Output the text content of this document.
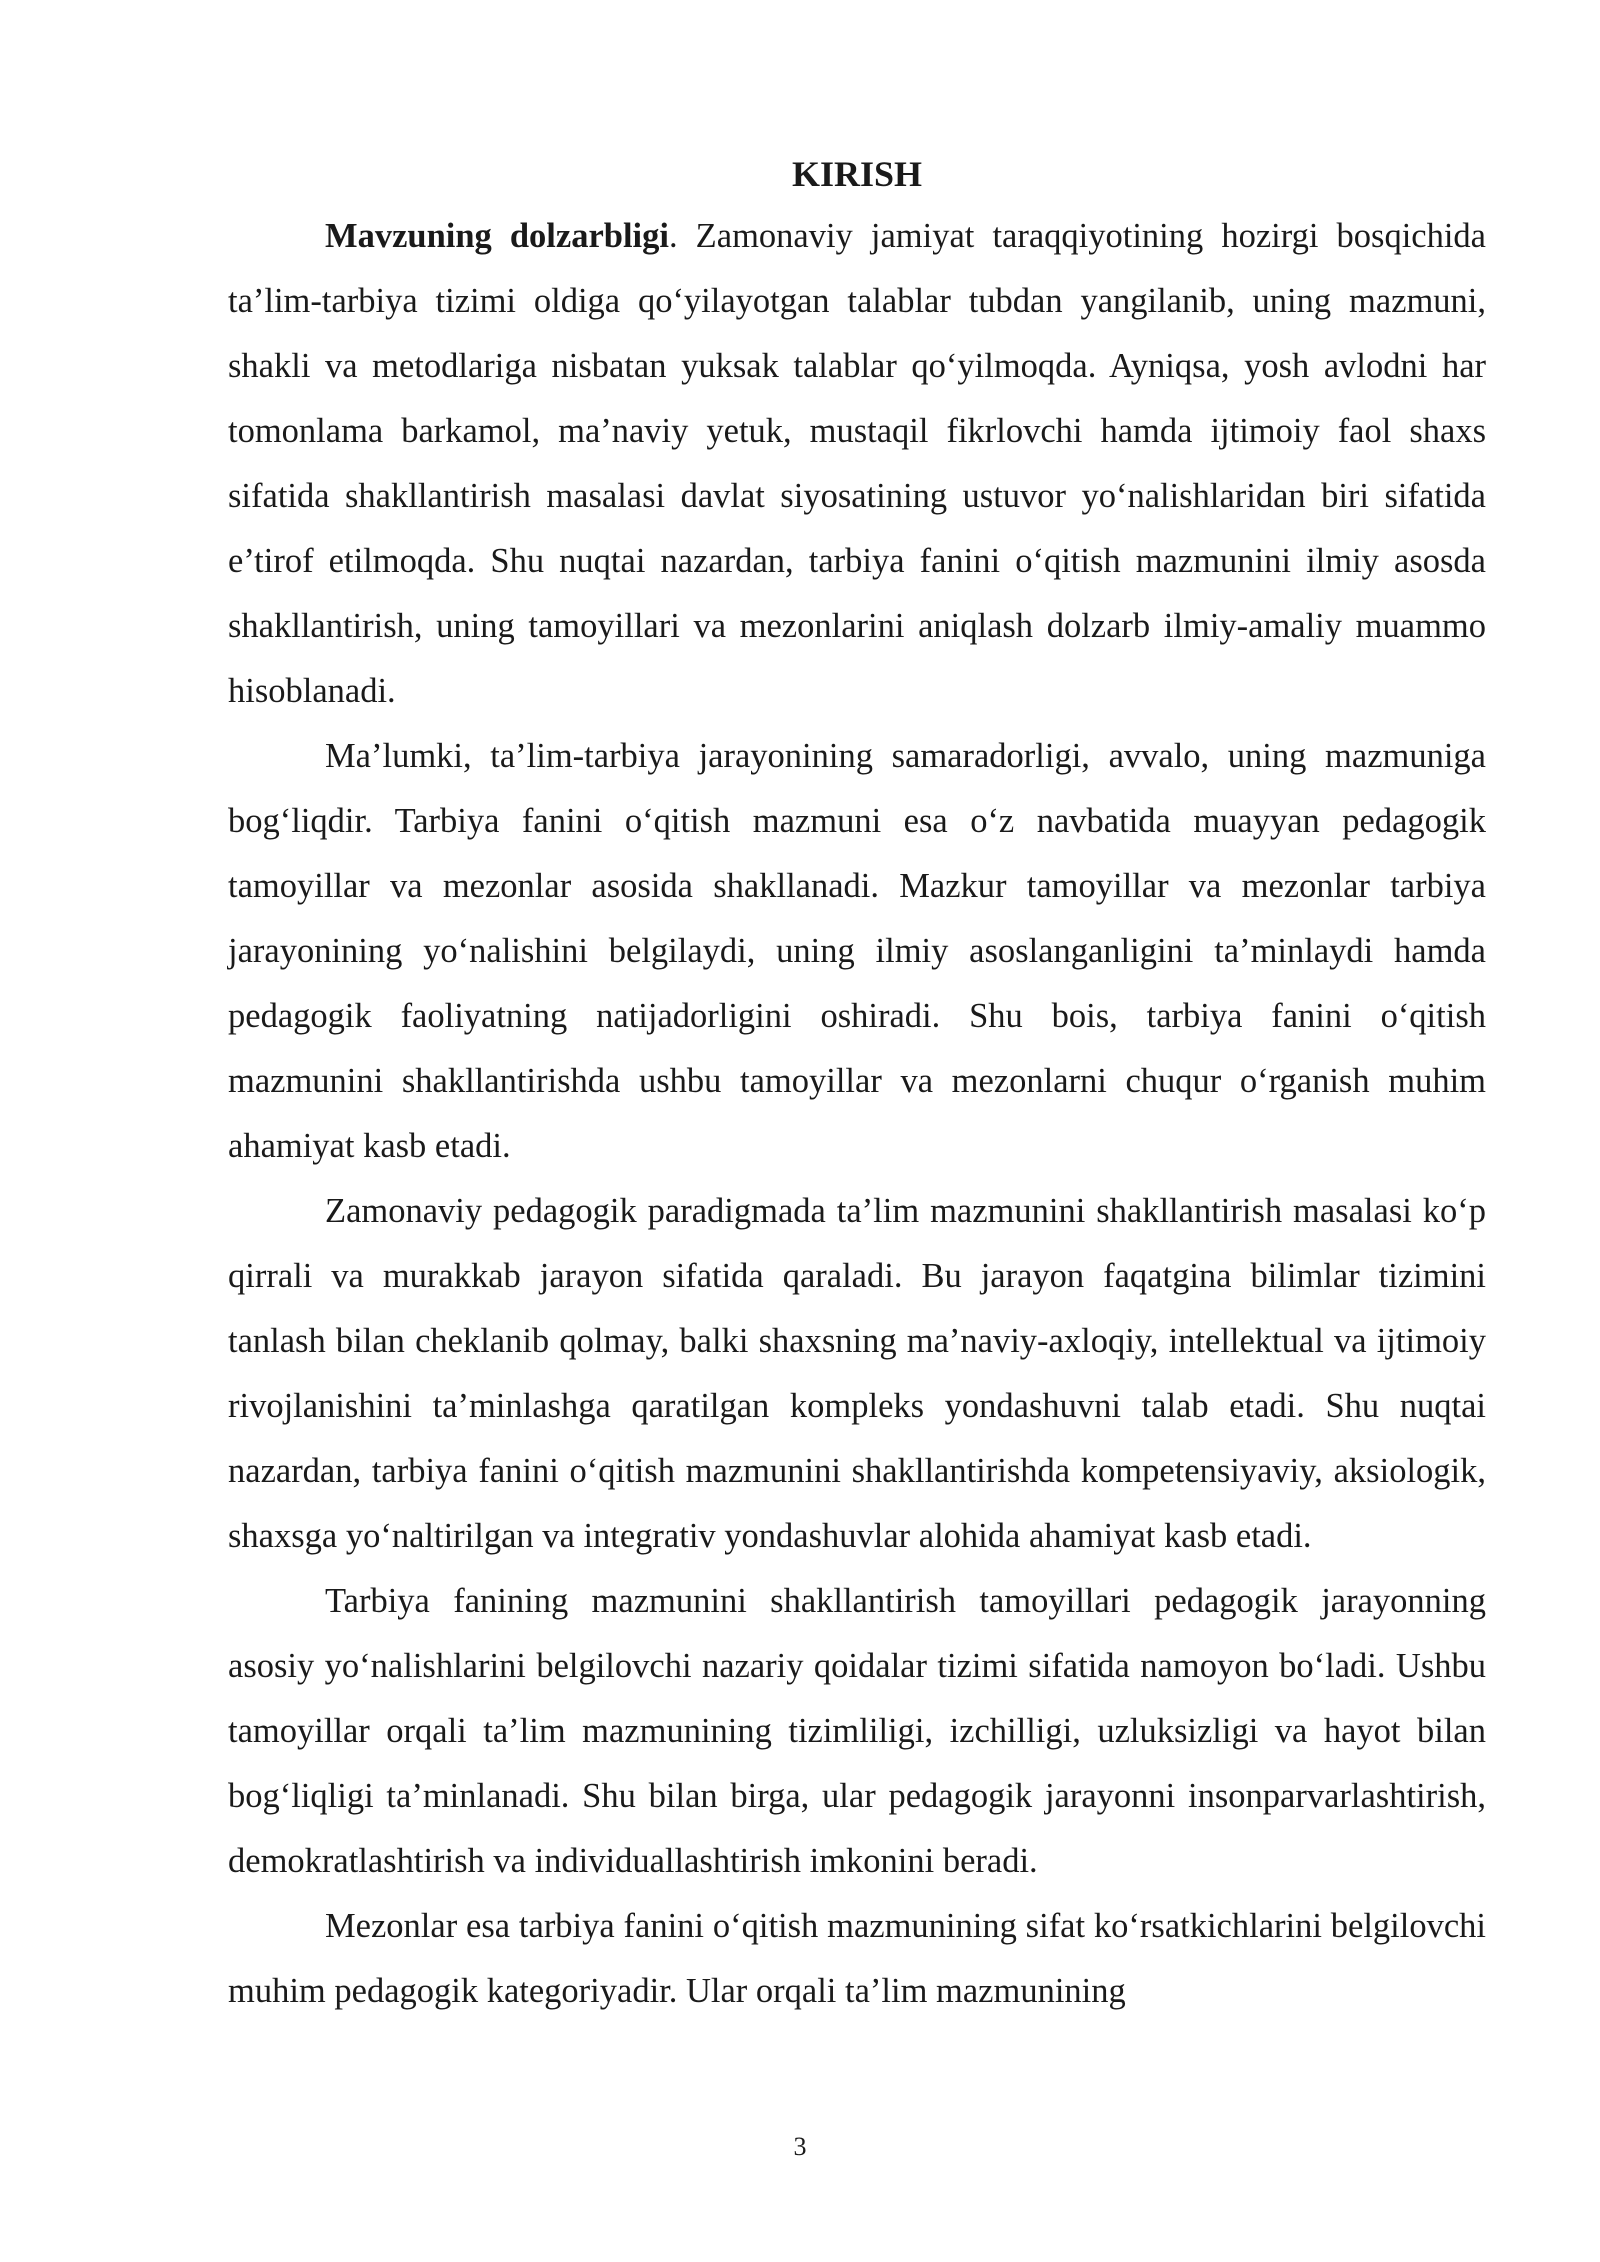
KIRISH

Mavzuning dolzarbligi. Zamonaviy jamiyat taraqqiyotining hozirgi bosqichida ta’lim-tarbiya tizimi oldiga qo‘yilayotgan talablar tubdan yangilanib, uning mazmuni, shakli va metodlariga nisbatan yuksak talablar qo‘yilmoqda. Ayniqsa, yosh avlodni har tomonlama barkamol, ma’naviy yetuk, mustaqil fikrlovchi hamda ijtimoiy faol shaxs sifatida shakllantirish masalasi davlat siyosatining ustuvor yo‘nalishlaridan biri sifatida e’tirof etilmoqda. Shu nuqtai nazardan, tarbiya fanini o‘qitish mazmunini ilmiy asosda shakllantirish, uning tamoyillari va mezonlarini aniqlash dolzarb ilmiy-amaliy muammo hisoblanadi.

Ma’lumki, ta’lim-tarbiya jarayonining samaradorligi, avvalo, uning mazmuniga bog‘liqdir. Tarbiya fanini o‘qitish mazmuni esa o‘z navbatida muayyan pedagogik tamoyillar va mezonlar asosida shakllanadi. Mazkur tamoyillar va mezonlar tarbiya jarayonining yo‘nalishini belgilaydi, uning ilmiy asoslanganligini ta’minlaydi hamda pedagogik faoliyatning natijadorligini oshiradi. Shu bois, tarbiya fanini o‘qitish mazmunini shakllantirishda ushbu tamoyillar va mezonlarni chuqur o‘rganish muhim ahamiyat kasb etadi.

Zamonaviy pedagogik paradigmada ta’lim mazmunini shakllantirish masalasi ko‘p qirrali va murakkab jarayon sifatida qaraladi. Bu jarayon faqatgina bilimlar tizimini tanlash bilan cheklanib qolmay, balki shaxsning ma’naviy-axloqiy, intellektual va ijtimoiy rivojlanishini ta’minlashga qaratilgan kompleks yondashuvni talab etadi. Shu nuqtai nazardan, tarbiya fanini o‘qitish mazmunini shakllantirishda kompetensiyaviy, aksiologik, shaxsga yo‘naltirilgan va integrativ yondashuvlar alohida ahamiyat kasb etadi.

Tarbiya fanining mazmunini shakllantirish tamoyillari pedagogik jarayonning asosiy yo‘nalishlarini belgilovchi nazariy qoidalar tizimi sifatida namoyon bo‘ladi. Ushbu tamoyillar orqali ta’lim mazmunining tizimliligi, izchilligi, uzluksizligi va hayot bilan bog‘liqligi ta’minlanadi. Shu bilan birga, ular pedagogik jarayonni insonparvarlashtirish, demokratlashtirish va individuallashtirish imkonini beradi.

Mezonlar esa tarbiya fanini o‘qitish mazmunining sifat ko‘rsatkichlarini belgilovchi muhim pedagogik kategoriyadir. Ular orqali ta’lim mazmunining

3
